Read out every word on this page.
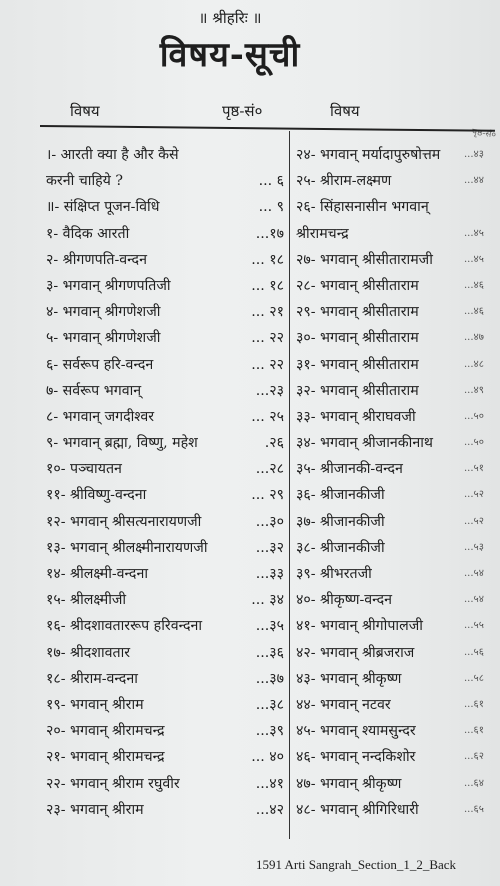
॥ श्रीहरिः ॥
विषय-सूची
विषय	पृष्ठ-सं०	विषय
पृष्ठ-सं०
।- आरती क्या है और कैसे
करनी चाहिये ?	... ६
॥- संक्षिप्त पूजन-विधि	... ९
१- वैदिक आरती	...१७
२- श्रीगणपति-वन्दन	... १८
३- भगवान् श्रीगणपतिजी	... १८
४- भगवान् श्रीगणेशजी	... २१
५- भगवान् श्रीगणेशजी	... २२
६- सर्वरूप हरि-वन्दन	... २२
७- सर्वरूप भगवान्	...२३
८- भगवान् जगदीश्वर	... २५
९- भगवान् ब्रह्मा, विष्णु, महेश	.२६
१०- पञ्चायतन	...२८
११- श्रीविष्णु-वन्दना	... २९
१२- भगवान् श्रीसत्यनारायणजी	...३०
१३- भगवान् श्रीलक्ष्मीनारायणजी	...३२
१४- श्रीलक्ष्मी-वन्दना	...३३
१५- श्रीलक्ष्मीजी	... ३४
१६- श्रीदशावताररूप हरिवन्दना	...३५
१७- श्रीदशावतार	...३६
१८- श्रीराम-वन्दना	...३७
१९- भगवान् श्रीराम	...३८
२०- भगवान् श्रीरामचन्द्र	...३९
२१- भगवान् श्रीरामचन्द्र	... ४०
२२- भगवान् श्रीराम रघुवीर	...४१
२३- भगवान् श्रीराम	...४२
२४- भगवान् मर्यादापुरुषोत्तम ...४३
२५- श्रीराम-लक्ष्मण	...४४
२६- सिंहासनासीन भगवान्
श्रीरामचन्द्र	...४५
२७- भगवान् श्रीसीतारामजी	...४५
२८- भगवान् श्रीसीताराम	...४६
२९- भगवान् श्रीसीताराम	...४६
३०- भगवान् श्रीसीताराम	...४७
३१- भगवान् श्रीसीताराम	...४८
३२- भगवान् श्रीसीताराम	...४९
३३- भगवान् श्रीराघवजी	...५०
३४- भगवान् श्रीजानकीनाथ	...५०
३५- श्रीजानकी-वन्दन	...५१
३६- श्रीजानकीजी	...५२
३७- श्रीजानकीजी	...५२
३८- श्रीजानकीजी	...५३
३९- श्रीभरतजी	...५४
४०- श्रीकृष्ण-वन्दन	...५४
४१- भगवान् श्रीगोपालजी	...५५
४२- भगवान् श्रीब्रजराज	...५६
४३- भगवान् श्रीकृष्ण	...५८
४४- भगवान् नटवर	...६१
४५- भगवान् श्यामसुन्दर	...६१
४६- भगवान् नन्दकिशोर	...६२
४७- भगवान् श्रीकृष्ण	...६४
४८- भगवान् श्रीगिरिधारी	...६५
1591 Arti Sangrah_Section_1_2_Back
